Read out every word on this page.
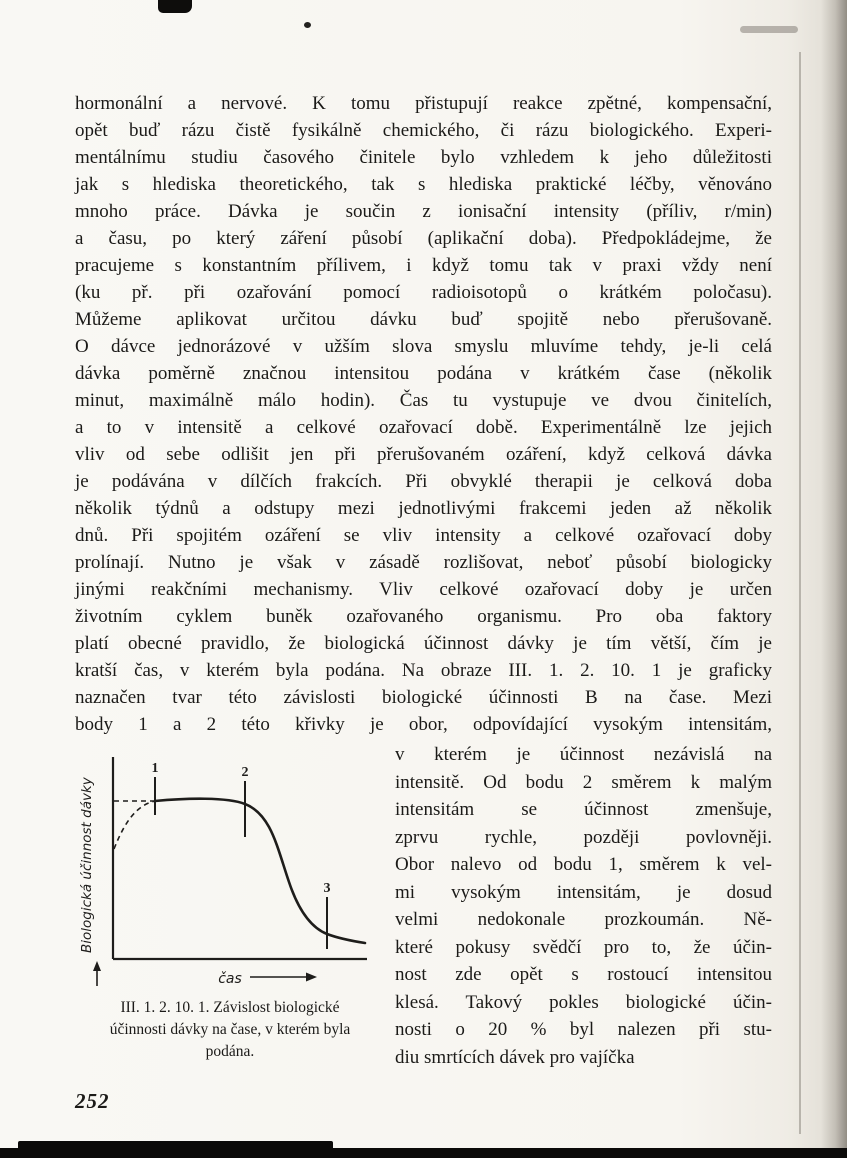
hormonální a nervové. K tomu přistupují reakce zpětné, kompensační,
opět buď rázu čistě fysikálně chemického, či rázu biologického. Experi-
mentálnímu studiu časového činitele bylo vzhledem k jeho důležitosti
jak s hlediska theoretického, tak s hlediska praktické léčby, věnováno
mnoho práce. Dávka je součin z ionisační intensity (příliv, r/min)
a času, po který záření působí (aplikační doba). Předpokládejme, že
pracujeme s konstantním přílivem, i když tomu tak v praxi vždy není
(ku př. při ozařování pomocí radioisotopů o krátkém poločasu).
Můžeme aplikovat určitou dávku buď spojitě nebo přerušovaně.
O dávce jednorázové v užším slova smyslu mluvíme tehdy, je-li celá
dávka poměrně značnou intensitou podána v krátkém čase (několik
minut, maximálně málo hodin). Čas tu vystupuje ve dvou činitelích,
a to v intensitě a celkové ozařovací době. Experimentálně lze jejich
vliv od sebe odlišit jen při přerušovaném ozáření, když celková dávka
je podávána v dílčích frakcích. Při obvyklé therapii je celková doba
několik týdnů a odstupy mezi jednotlivými frakcemi jeden až několik
dnů. Při spojitém ozáření se vliv intensity a celkové ozařovací doby
prolínají. Nutno je však v zásadě rozlišovat, neboť působí biologicky
jinými reakčními mechanismy. Vliv celkové ozařovací doby je určen
životním cyklem buněk ozařovaného organismu. Pro oba faktory
platí obecné pravidlo, že biologická účinnost dávky je tím větší, čím je
kratší čas, v kterém byla podána. Na obraze III. 1. 2. 10. 1 je graficky
naznačen tvar této závislosti biologické účinnosti B na čase. Mezi
body 1 a 2 této křivky je obor, odpovídající vysokým intensitám,
1	2
3
Biologická účinnost dávky
čas
III. 1. 2. 10. 1. Závislost biologické
účinnosti dávky na čase, v kterém byla
podána.
v kterém je účinnost nezávislá na
intensitě. Od bodu 2 směrem k malým
intensitám se účinnost zmenšuje,
zprvu rychle, později povlovněji.
Obor nalevo od bodu 1, směrem k vel-
mi vysokým intensitám, je dosud
velmi nedokonale prozkoumán. Ně-
které pokusy svědčí pro to, že účin-
nost zde opět s rostoucí intensitou
klesá. Takový pokles biologické účin-
nosti o 20 % byl nalezen při stu-
diu smrtících dávek pro vajíčka
252
